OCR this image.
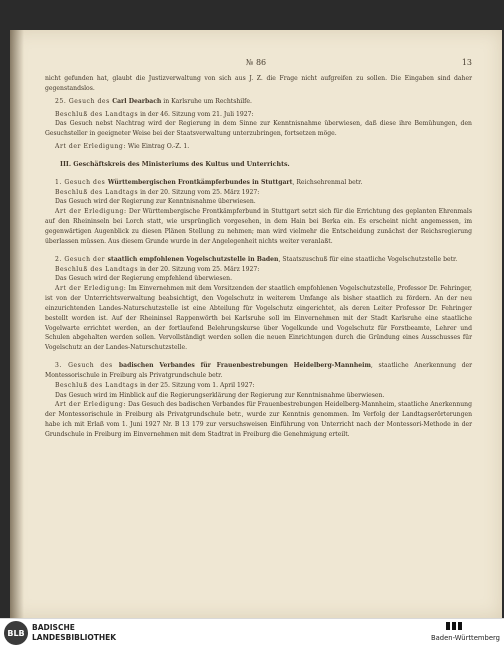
№ 86	13

nicht gefunden hat, glaubt die Justizverwaltung von sich aus J. Z. die Frage nicht aufgreifen zu sollen. Die Eingaben sind daher gegenstandslos.

25. Gesuch des Carl Dearbach in Karlsruhe um Rechtshilfe.

Beschluß des Landtags in der 46. Sitzung vom 21. Juli 1927:

Das Gesuch nebst Nachtrag wird der Regierung in dem Sinne zur Kenntnisnahme überwiesen, daß diese ihre Bemühungen, den Gesuchsteller in geeigneter Weise bei der Staatsverwaltung unterzubringen, fortsetzen möge.

Art der Erledigung: Wie Eintrag O.-Z. 1.

III. Geschäftskreis des Ministeriums des Kultus und Unterrichts.

1. Gesuch des Württembergischen Frontkämpferbundes in Stuttgart, Reichsehrenmal betr.

Beschluß des Landtags in der 20. Sitzung vom 25. März 1927:

Das Gesuch wird der Regierung zur Kenntnisnahme überwiesen.

Art der Erledigung: Der Württembergische Frontkämpferbund in Stuttgart setzt sich für die Errichtung des geplanten Ehrenmals auf den Rheininseln bei Lorch statt, wie ursprünglich vorgesehen, in dem Hain bei Berka ein. Es erscheint nicht angemessen, im gegenwärtigen Augenblick zu diesen Plänen Stellung zu nehmen; man wird vielmehr die Entscheidung zunächst der Reichsregierung überlassen müssen. Aus diesem Grunde wurde in der Angelegenheit nichts weiter veranlaßt.

2. Gesuch der staatlich empfohlenen Vogelschutzstelle in Baden, Staatszuschuß für eine staatliche Vogelschutzstelle betr.

Beschluß des Landtags in der 20. Sitzung vom 25. März 1927:

Das Gesuch wird der Regierung empfehlend überwiesen.

Art der Erledigung: Im Einvernehmen mit dem Vorsitzenden der staatlich empfohlenen Vogelschutzstelle, Professor Dr. Fehringer, ist von der Unterrichtsverwaltung beabsichtigt, den Vogelschutz in weiterem Umfange als bisher staatlich zu fördern. An der neu einzurichtenden Landes-Naturschutzstelle ist eine Abteilung für Vogelschutz eingerichtet, als deren Leiter Professor Dr. Fehringer bestellt worden ist. Auf der Rheininsel Rappenwörth bei Karlsruhe soll im Einvernehmen mit der Stadt Karlsruhe eine staatliche Vogelwarte errichtet werden, an der fortlaufend Belehrungskurse über Vogelkunde und Vogelschutz für Forstbeamte, Lehrer und Schulen abgehalten werden sollen. Vervollständigt werden sollen die neuen Einrichtungen durch die Gründung eines Ausschusses für Vogelschutz an der Landes-Naturschutzstelle.

3. Gesuch des badischen Verbandes für Frauenbestrebungen Heidelberg-Mannheim, staatliche Anerkennung der Montessorischule in Freiburg als Privatgrundschule betr.

Beschluß des Landtags in der 25. Sitzung vom 1. April 1927:

Das Gesuch wird im Hinblick auf die Regierungserklärung der Regierung zur Kenntnisnahme überwiesen.

Art der Erledigung: Das Gesuch des badischen Verbandes für Frauenbestrebungen Heidelberg-Mannheim, staatliche Anerkennung der Montessorischule in Freiburg als Privatgrundschule betr., wurde zur Kenntnis genommen. Im Verfolg der Landtagserörterungen habe ich mit Erlaß vom 1. Juni 1927 Nr. B 13 179 zur versuchsweisen Einführung von Unterricht nach der Montessori-Methode in der Grundschule in Freiburg im Einvernehmen mit dem Stadtrat in Freiburg die Genehmigung erteilt.

BLB
BADISCHE
LANDESBIBLIOTHEK	Baden-Württemberg
